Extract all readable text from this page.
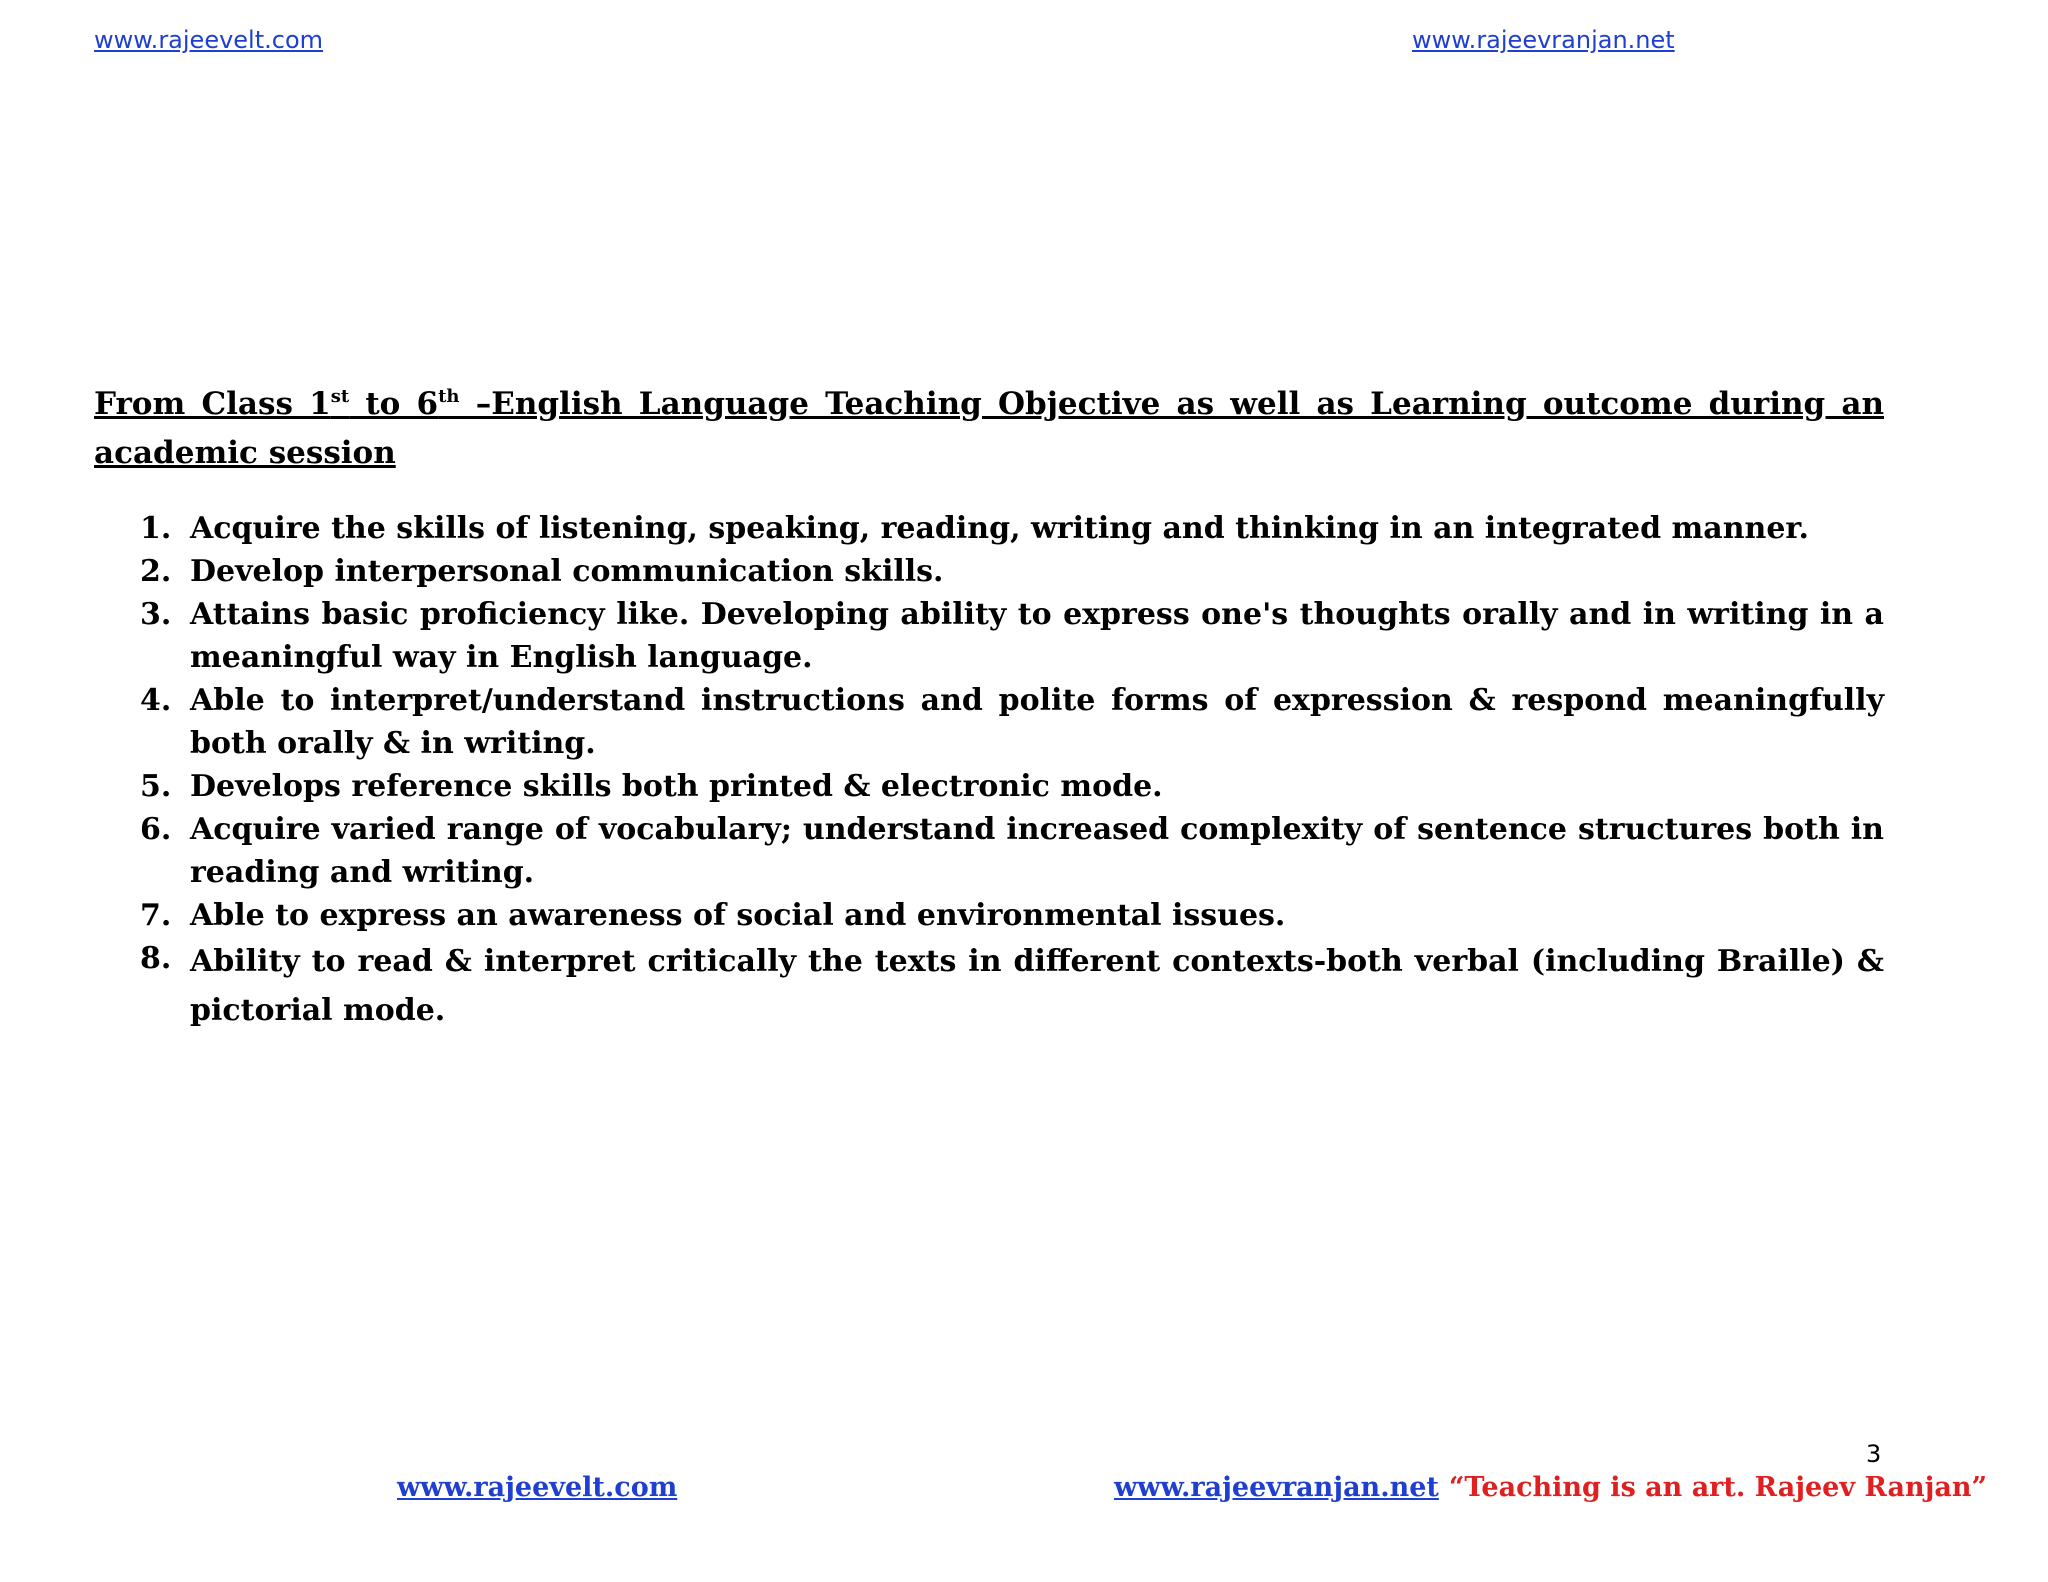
www.rajeevelt.com	www.rajeevranjan.net
From Class 1st to 6th –English Language Teaching Objective as well as Learning outcome during an
academic session
1. Acquire the skills of listening, speaking, reading, writing and thinking in an integrated manner.
2. Develop interpersonal communication skills.
3. Attains basic proficiency like. Developing ability to express one's thoughts orally and in writing in a meaningful way in English language.
4. Able to interpret/understand instructions and polite forms of expression & respond meaningfully both orally & in writing.
5. Develops reference skills both printed & electronic mode.
6. Acquire varied range of vocabulary; understand increased complexity of sentence structures both in reading and writing.
7. Able to express an awareness of social and environmental issues.
8. Ability to read & interpret critically the texts in different contexts-both verbal (including Braille) & pictorial mode.
3
www.rajeevelt.com	www.rajeevranjan.net “Teaching is an art. Rajeev Ranjan”
